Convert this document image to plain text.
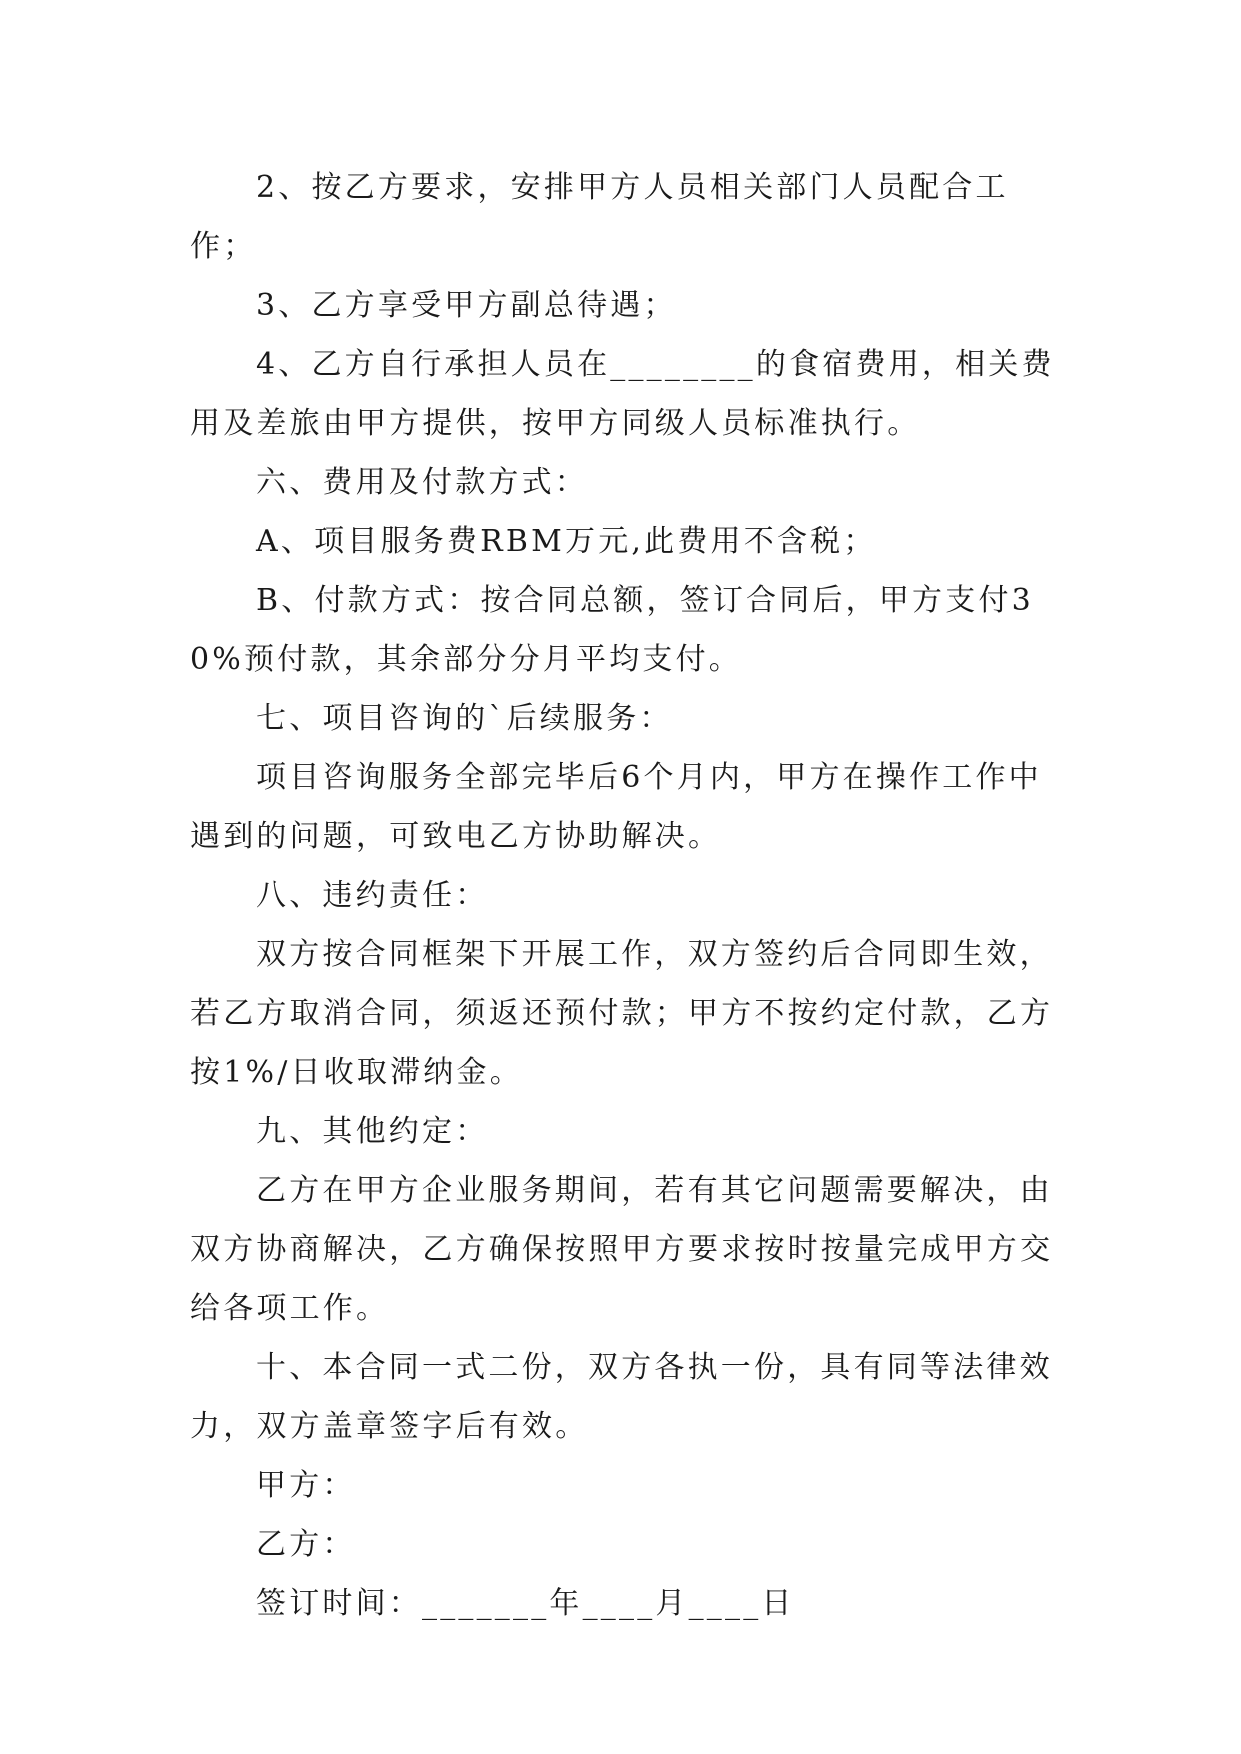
2、按乙方要求，安排甲方人员相关部门人员配合工作；

3、乙方享受甲方副总待遇；

4、乙方自行承担人员在________的食宿费用，相关费用及差旅由甲方提供，按甲方同级人员标准执行。

六、费用及付款方式：

A、项目服务费RBM万元,此费用不含税；

B、付款方式：按合同总额，签订合同后，甲方支付30%预付款，其余部分分月平均支付。

七、项目咨询的`后续服务：

项目咨询服务全部完毕后6个月内，甲方在操作工作中遇到的问题，可致电乙方协助解决。

八、违约责任：

双方按合同框架下开展工作，双方签约后合同即生效，若乙方取消合同，须返还预付款；甲方不按约定付款，乙方按1%/日收取滞纳金。

九、其他约定：

乙方在甲方企业服务期间，若有其它问题需要解决，由双方协商解决，乙方确保按照甲方要求按时按量完成甲方交给各项工作。

十、本合同一式二份，双方各执一份，具有同等法律效力，双方盖章签字后有效。

甲方：

乙方：

签订时间：_______年____月____日
